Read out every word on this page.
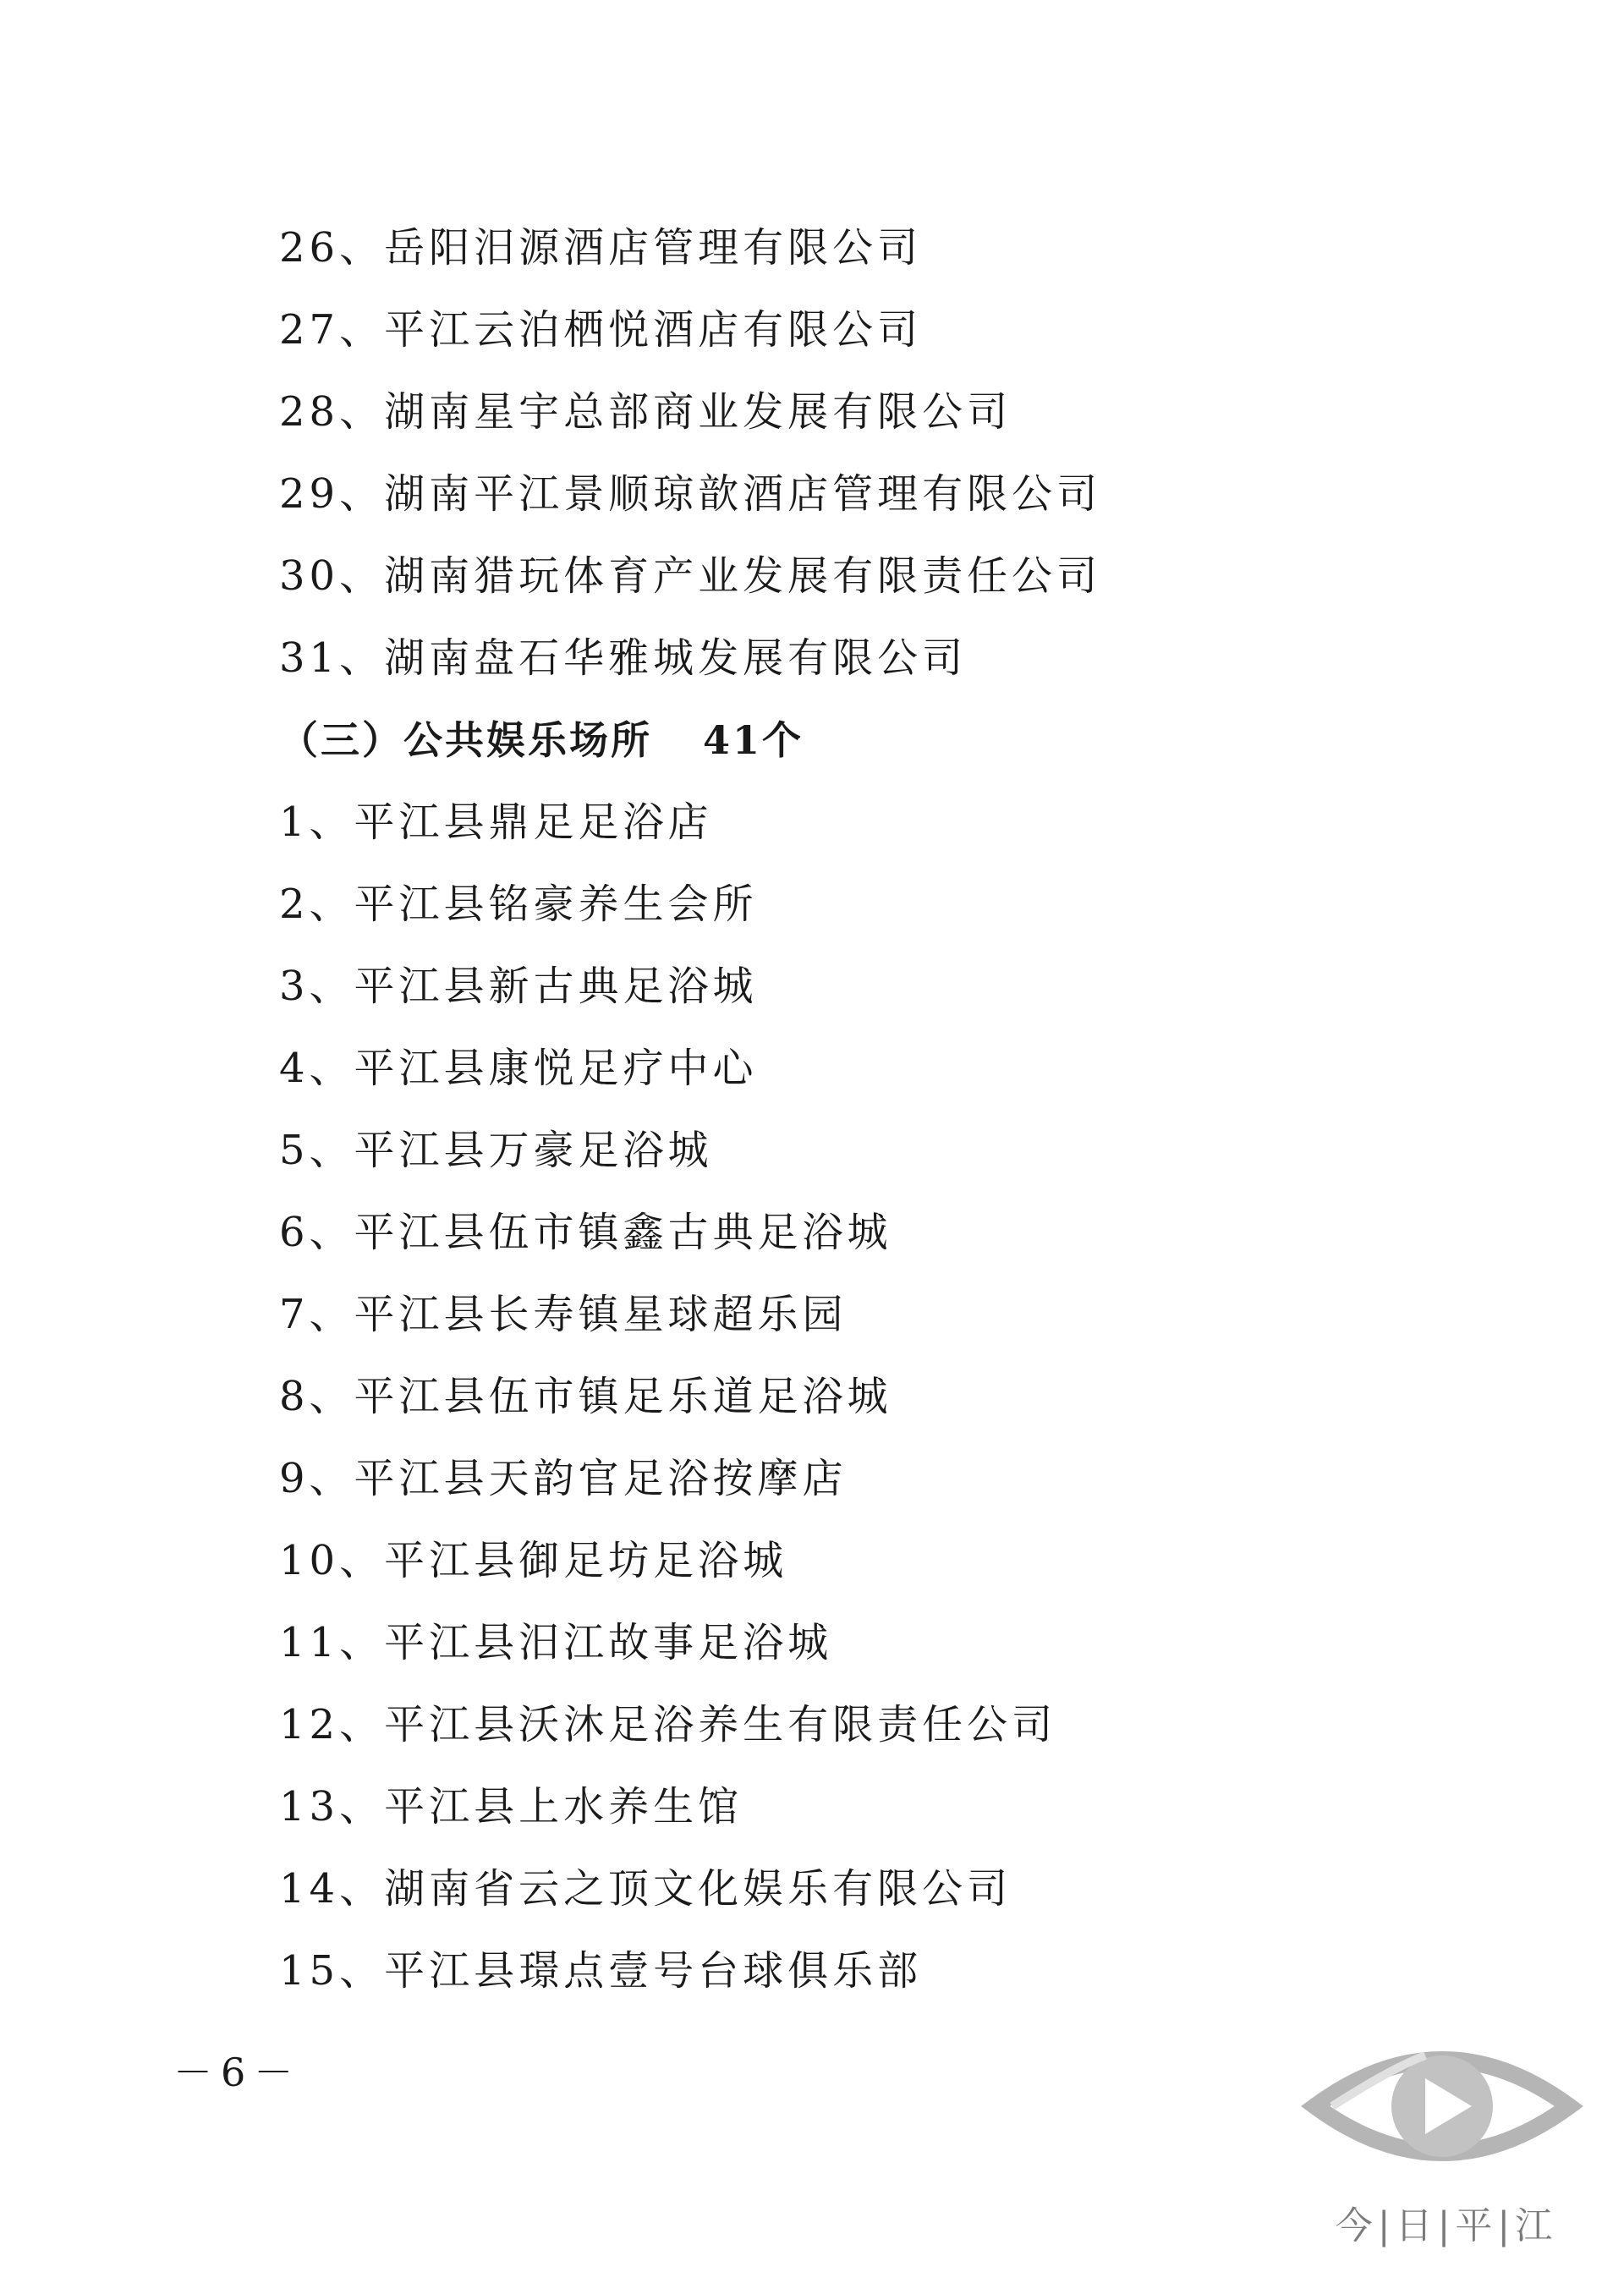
26、岳阳汨源酒店管理有限公司
27、平江云泊栖悦酒店有限公司
28、湖南星宇总部商业发展有限公司
29、湖南平江景顺琼歆酒店管理有限公司
30、湖南猎玩体育产业发展有限责任公司
31、湖南盘石华雅城发展有限公司
（三）公共娱乐场所 41个
1、平江县鼎足足浴店
2、平江县铭豪养生会所
3、平江县新古典足浴城
4、平江县康悦足疗中心
5、平江县万豪足浴城
6、平江县伍市镇鑫古典足浴城
7、平江县长寿镇星球超乐园
8、平江县伍市镇足乐道足浴城
9、平江县天韵官足浴按摩店
10、平江县御足坊足浴城
11、平江县汨江故事足浴城
12、平江县沃沐足浴养生有限责任公司
13、平江县上水养生馆
14、湖南省云之顶文化娱乐有限公司
15、平江县璟点壹号台球俱乐部
－6－
今|日|平|江
